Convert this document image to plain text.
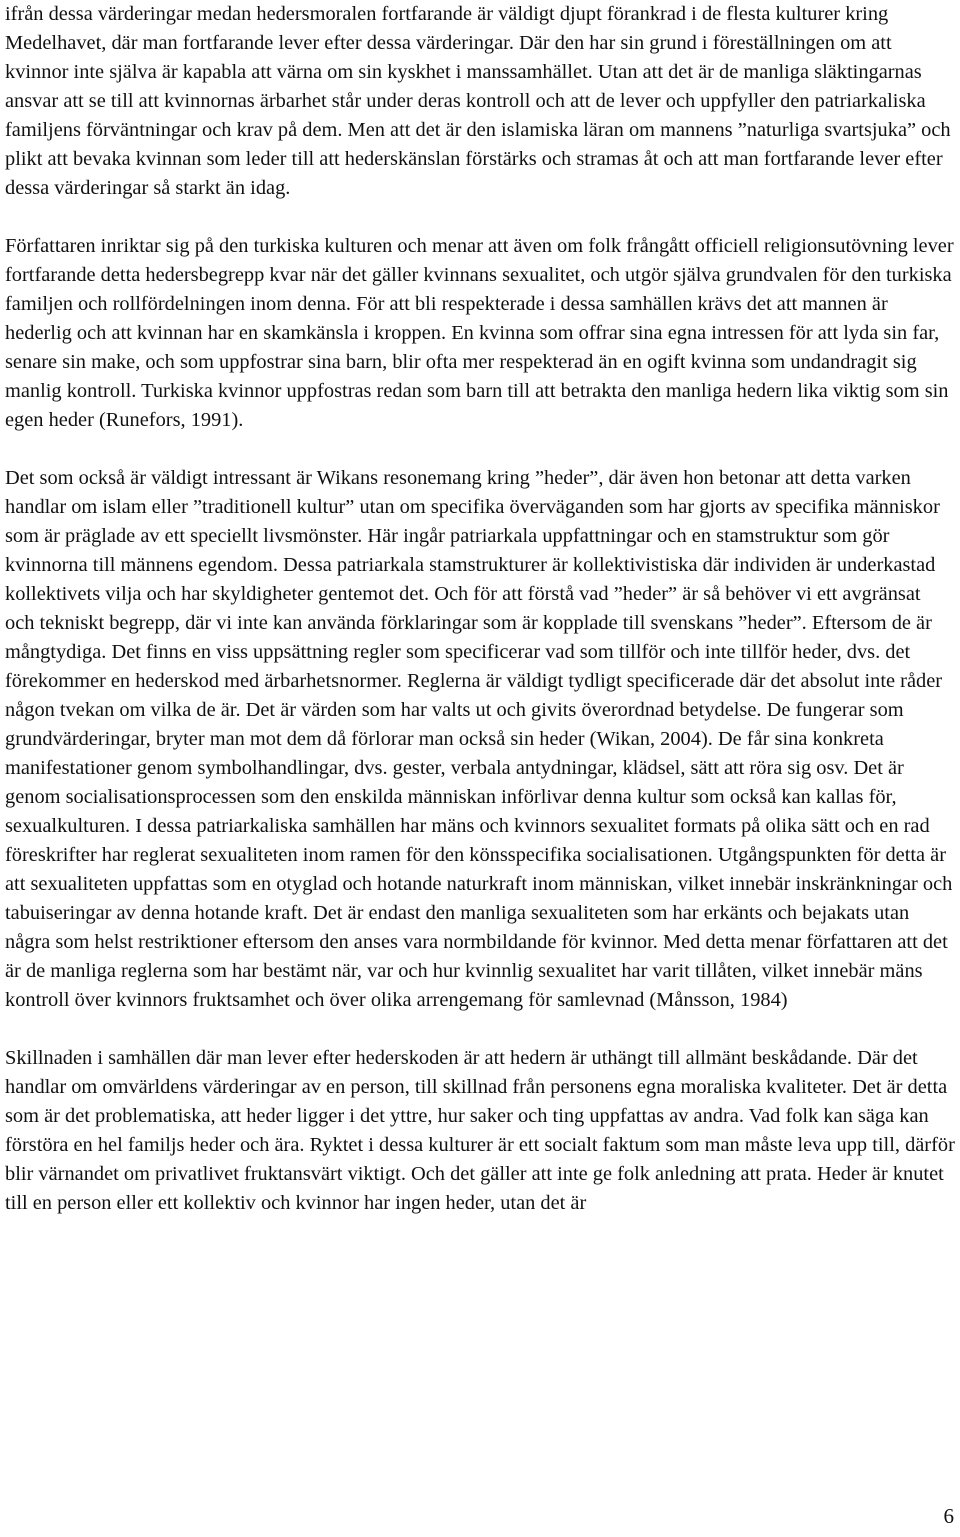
ifrån dessa värderingar medan hedersmoralen fortfarande är väldigt djupt förankrad i de flesta kulturer kring Medelhavet, där man fortfarande lever efter dessa värderingar. Där den har sin grund i föreställningen om att kvinnor inte själva är kapabla att värna om sin kyskhet i manssamhället. Utan att det är de manliga släktingarnas ansvar att se till att kvinnornas ärbarhet står under deras kontroll och att de lever och uppfyller den patriarkaliska familjens förväntningar och krav på dem. Men att det är den islamiska läran om mannens ”naturliga svartsjuka” och plikt att bevaka kvinnan som leder till att hederskänslan förstärks och stramas åt och att man fortfarande lever efter dessa värderingar så starkt än idag.

Författaren inriktar sig på den turkiska kulturen och menar att även om folk frångått officiell religionsutövning lever fortfarande detta hedersbegrepp kvar när det gäller kvinnans sexualitet, och utgör själva grundvalen för den turkiska familjen och rollfördelningen inom denna. För att bli respekterade i dessa samhällen krävs det att mannen är hederlig och att kvinnan har en skamkänsla i kroppen. En kvinna som offrar sina egna intressen för att lyda sin far, senare sin make, och som uppfostrar sina barn, blir ofta mer respekterad än en ogift kvinna som undandragit sig manlig kontroll. Turkiska kvinnor uppfostras redan som barn till att betrakta den manliga hedern lika viktig som sin egen heder (Runefors, 1991).

Det som också är väldigt intressant är Wikans resonemang kring ”heder”, där även hon betonar att detta varken handlar om islam eller ”traditionell kultur” utan om specifika överväganden som har gjorts av specifika människor som är präglade av ett speciellt livsmönster. Här ingår patriarkala uppfattningar och en stamstruktur som gör kvinnorna till männens egendom. Dessa patriarkala stamstrukturer är kollektivistiska där individen är underkastad kollektivets vilja och har skyldigheter gentemot det. Och för att förstå vad ”heder” är så behöver vi ett avgränsat och tekniskt begrepp, där vi inte kan använda förklaringar som är kopplade till svenskans ”heder”. Eftersom de är mångtydiga. Det finns en viss uppsättning regler som specificerar vad som tillför och inte tillför heder, dvs. det förekommer en hederskod med ärbarhetsnormer. Reglerna är väldigt tydligt specificerade där det absolut inte råder någon tvekan om vilka de är. Det är värden som har valts ut och givits överordnad betydelse. De fungerar som grundvärderingar, bryter man mot dem då förlorar man också sin heder (Wikan, 2004). De får sina konkreta manifestationer genom symbolhandlingar, dvs. gester, verbala antydningar, klädsel, sätt att röra sig osv. Det är genom socialisationsprocessen som den enskilda människan införlivar denna kultur som också kan kallas för, sexualkulturen. I dessa patriarkaliska samhällen har mäns och kvinnors sexualitet formats på olika sätt och en rad föreskrifter har reglerat sexualiteten inom ramen för den könsspecifika socialisationen. Utgångspunkten för detta är att sexualiteten uppfattas som en otyglad och hotande naturkraft inom människan, vilket innebär inskränkningar och tabuiseringar av denna hotande kraft. Det är endast den manliga sexualiteten som har erkänts och bejakats utan några som helst restriktioner eftersom den anses vara normbildande för kvinnor. Med detta menar författaren att det är de manliga reglerna som har bestämt när, var och hur kvinnlig sexualitet har varit tillåten, vilket innebär mäns kontroll över kvinnors fruktsamhet och över olika arrengemang för samlevnad (Månsson, 1984)

Skillnaden i samhällen där man lever efter hederskoden är att hedern är uthängt till allmänt beskådande. Där det handlar om omvärldens värderingar av en person, till skillnad från personens egna moraliska kvaliteter. Det är detta som är det problematiska, att heder ligger i det yttre, hur saker och ting uppfattas av andra. Vad folk kan säga kan förstöra en hel familjs heder och ära. Ryktet i dessa kulturer är ett socialt faktum som man måste leva upp till, därför blir värnandet om privatlivet fruktansvärt viktigt. Och det gäller att inte ge folk anledning att prata. Heder är knutet till en person eller ett kollektiv och kvinnor har ingen heder, utan det är

6
